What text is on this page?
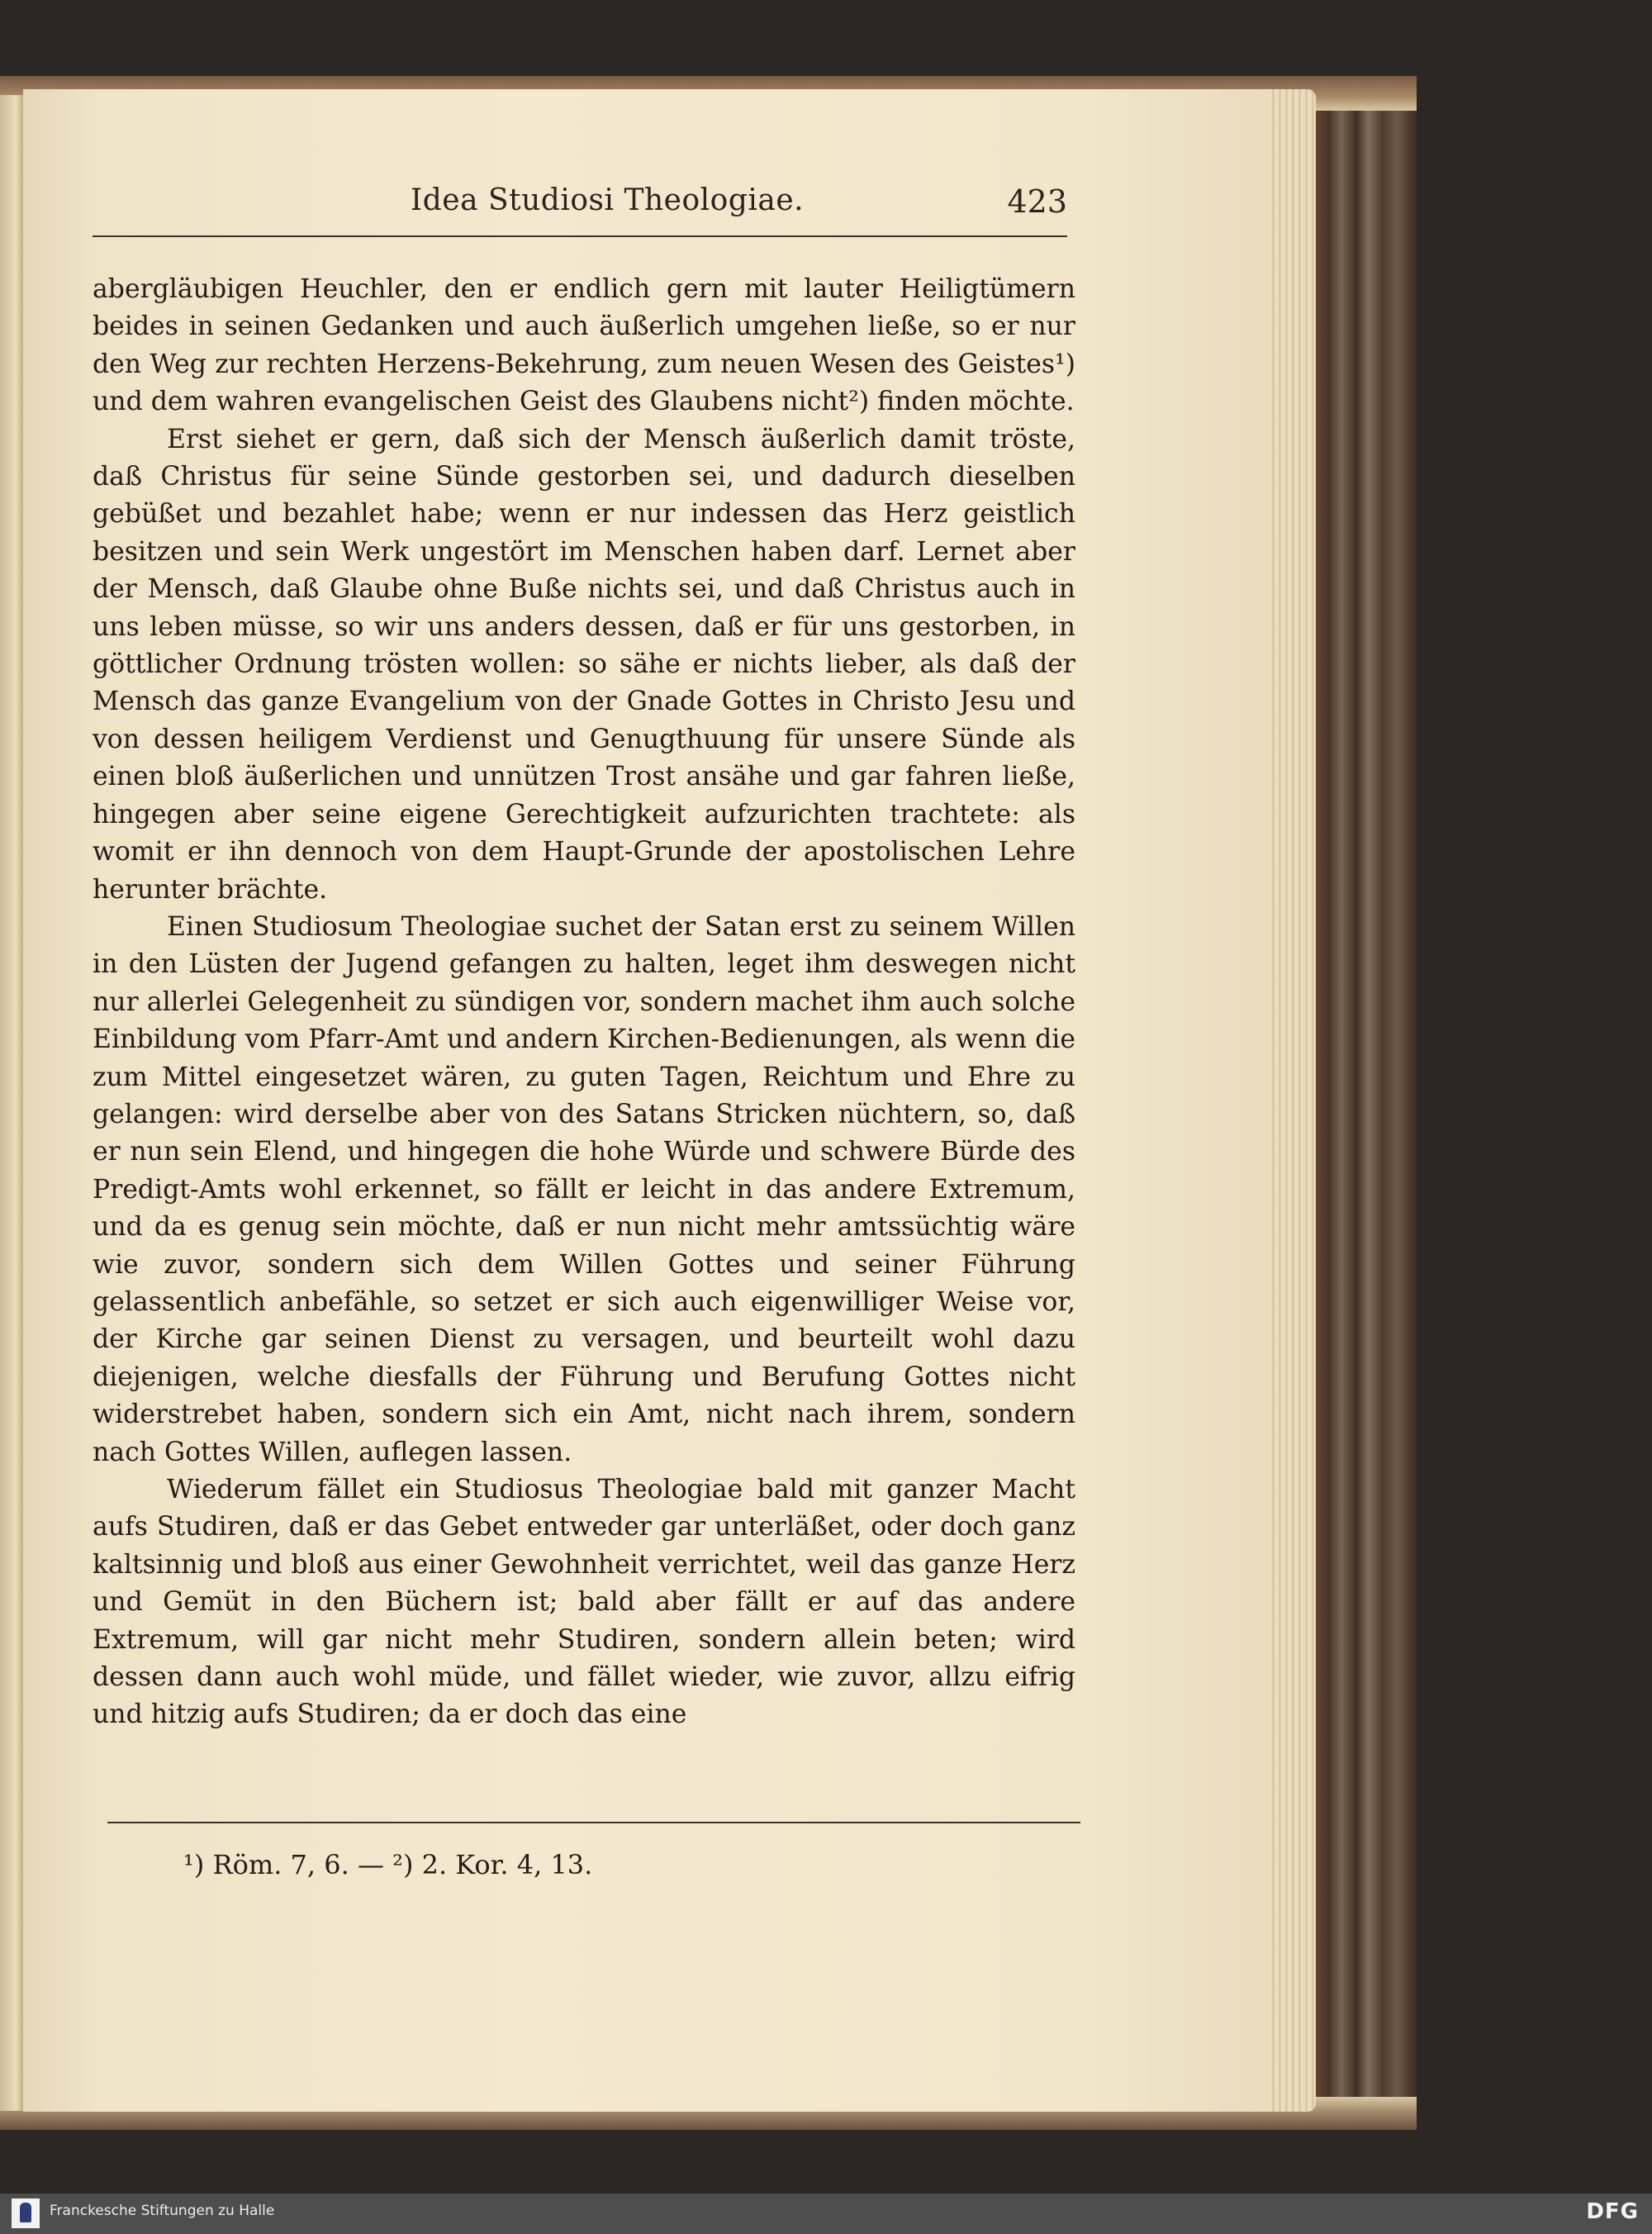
Idea Studiosi Theologiae.	423

abergläubigen Heuchler, den er endlich gern mit lauter Heiligtümern beides in seinen Gedanken und auch äußerlich umgehen ließe, so er nur den Weg zur rechten Herzens-Bekehrung, zum neuen Wesen des Geistes¹) und dem wahren evangelischen Geist des Glaubens nicht²) finden möchte.

Erst siehet er gern, daß sich der Mensch äußerlich damit tröste, daß Christus für seine Sünde gestorben sei, und dadurch dieselben gebüßet und bezahlet habe; wenn er nur indessen das Herz geistlich besitzen und sein Werk ungestört im Menschen haben darf. Lernet aber der Mensch, daß Glaube ohne Buße nichts sei, und daß Christus auch in uns leben müsse, so wir uns anders dessen, daß er für uns gestorben, in göttlicher Ordnung trösten wollen: so sähe er nichts lieber, als daß der Mensch das ganze Evangelium von der Gnade Gottes in Christo Jesu und von dessen heiligem Verdienst und Genugthuung für unsere Sünde als einen bloß äußerlichen und unnützen Trost ansähe und gar fahren ließe, hingegen aber seine eigene Gerechtigkeit aufzurichten trachtete: als womit er ihn dennoch von dem Haupt-Grunde der apostolischen Lehre herunter brächte.

Einen Studiosum Theologiae suchet der Satan erst zu seinem Willen in den Lüsten der Jugend gefangen zu halten, leget ihm deswegen nicht nur allerlei Gelegenheit zu sündigen vor, sondern machet ihm auch solche Einbildung vom Pfarr-Amt und andern Kirchen-Bedienungen, als wenn die zum Mittel eingesetzet wären, zu guten Tagen, Reichtum und Ehre zu gelangen: wird derselbe aber von des Satans Stricken nüchtern, so, daß er nun sein Elend, und hingegen die hohe Würde und schwere Bürde des Predigt-Amts wohl erkennet, so fällt er leicht in das andere Extremum, und da es genug sein möchte, daß er nun nicht mehr amtssüchtig wäre wie zuvor, sondern sich dem Willen Gottes und seiner Führung gelassentlich anbefähle, so setzet er sich auch eigenwilliger Weise vor, der Kirche gar seinen Dienst zu versagen, und beurteilt wohl dazu diejenigen, welche diesfalls der Führung und Berufung Gottes nicht widerstrebet haben, sondern sich ein Amt, nicht nach ihrem, sondern nach Gottes Willen, auflegen lassen.

Wiederum fället ein Studiosus Theologiae bald mit ganzer Macht aufs Studiren, daß er das Gebet entweder gar unterläßet, oder doch ganz kaltsinnig und bloß aus einer Gewohnheit verrichtet, weil das ganze Herz und Gemüt in den Büchern ist; bald aber fällt er auf das andere Extremum, will gar nicht mehr Studiren, sondern allein beten; wird dessen dann auch wohl müde, und fället wieder, wie zuvor, allzu eifrig und hitzig aufs Studiren; da er doch das eine

¹) Röm. 7, 6. — ²) 2. Kor. 4, 13.
Franckesche Stiftungen zu Halle	DFG
